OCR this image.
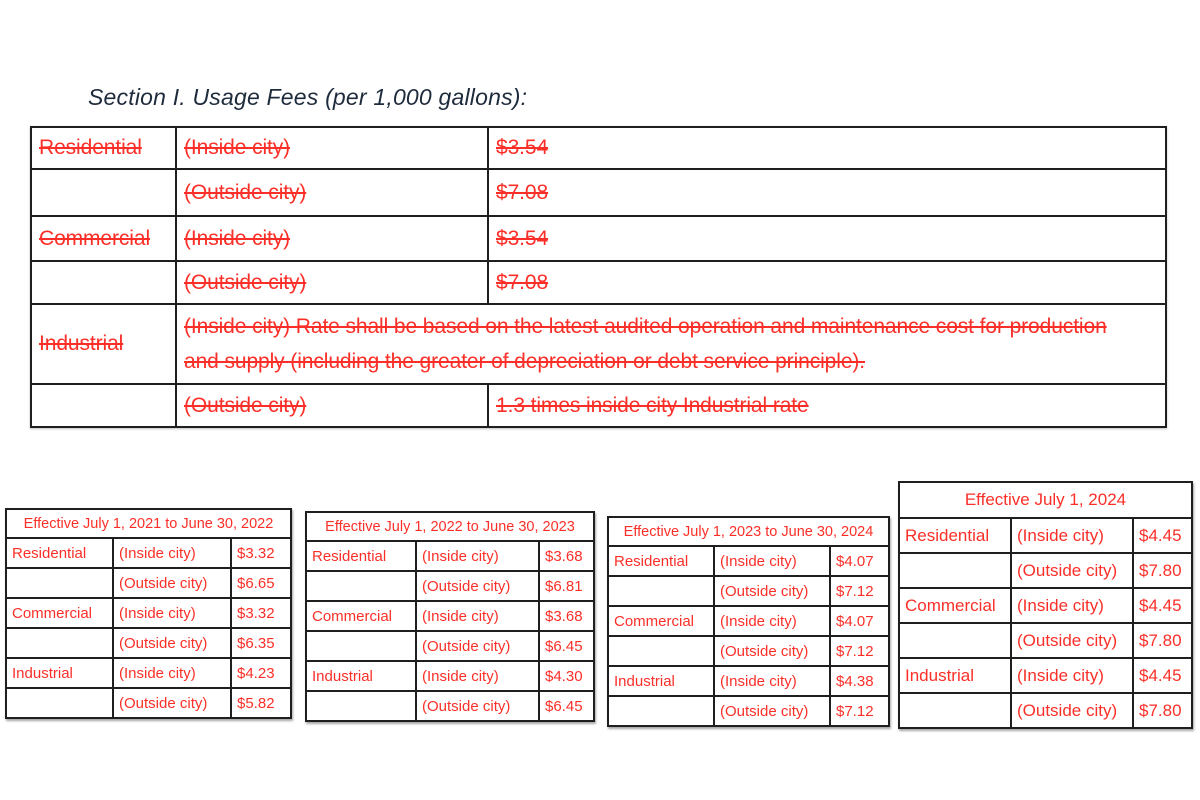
Section I. Usage Fees (per 1,000 gallons):
Residential	(Inside city)	$3.54
	(Outside city)	$7.08
Commercial	(Inside city)	$3.54
	(Outside city)	$7.08
Industrial	(Inside city) Rate shall be based on the latest audited operation and maintenance cost for production and supply (including the greater of depreciation or debt service principle).	
	(Outside city)	1.3 times inside city Industrial rate
Effective July 1, 2021 to June 30, 2022		
Residential	(Inside city)	$3.32
	(Outside city)	$6.65
Commercial	(Inside city)	$3.32
	(Outside city)	$6.35
Industrial	(Inside city)	$4.23
	(Outside city)	$5.82
Effective July 1, 2022 to June 30, 2023		
Residential	(Inside city)	$3.68
	(Outside city)	$6.81
Commercial	(Inside city)	$3.68
	(Outside city)	$6.45
Industrial	(Inside city)	$4.30
	(Outside city)	$6.45
Effective July 1, 2023 to June 30, 2024		
Residential	(Inside city)	$4.07
	(Outside city)	$7.12
Commercial	(Inside city)	$4.07
	(Outside city)	$7.12
Industrial	(Inside city)	$4.38
	(Outside city)	$7.12
Effective July 1, 2024		
Residential	(Inside city)	$4.45
	(Outside city)	$7.80
Commercial	(Inside city)	$4.45
	(Outside city)	$7.80
Industrial	(Inside city)	$4.45
	(Outside city)	$7.80
